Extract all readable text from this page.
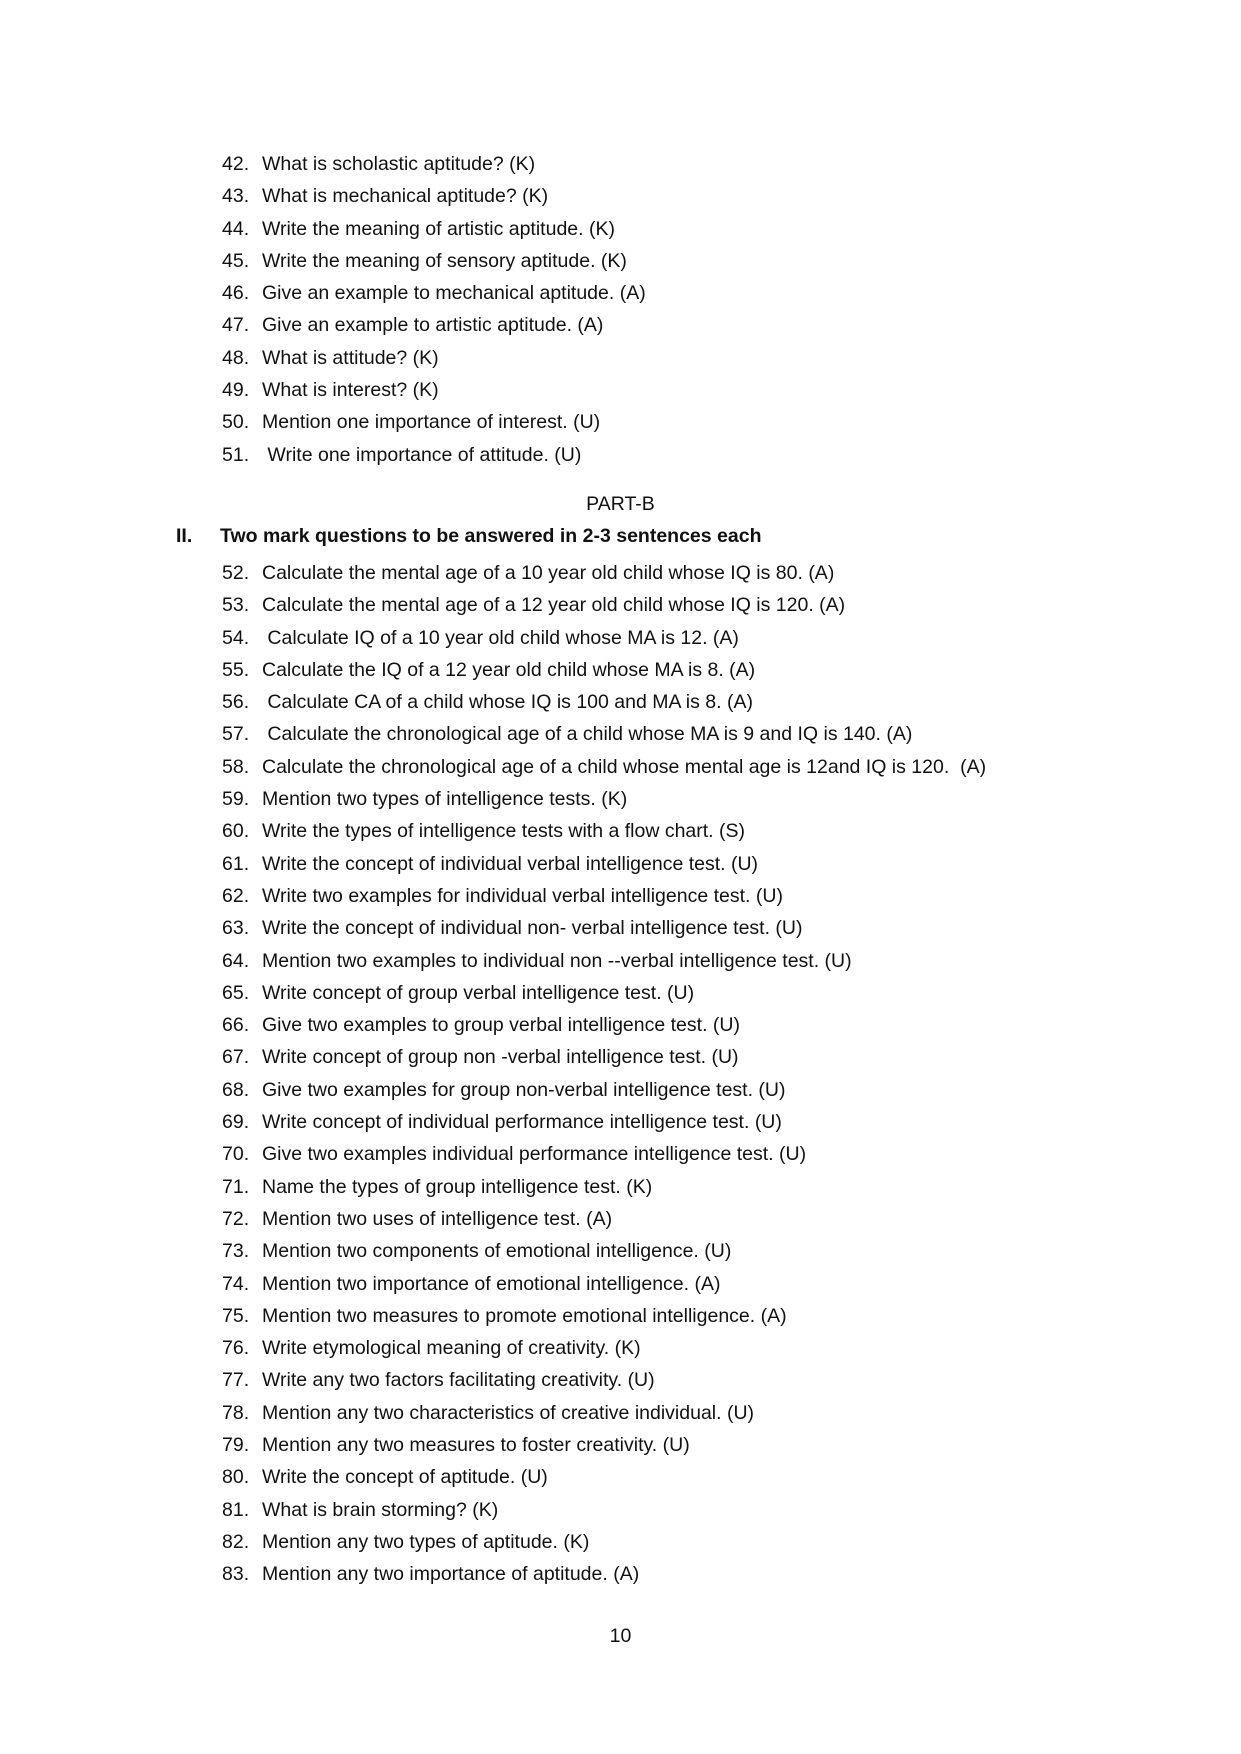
42. What is scholastic aptitude? (K)
43. What is mechanical aptitude? (K)
44. Write the meaning of artistic aptitude. (K)
45. Write the meaning of sensory aptitude. (K)
46. Give an example to mechanical aptitude. (A)
47. Give an example to artistic aptitude. (A)
48. What is attitude? (K)
49. What is interest? (K)
50. Mention one importance of interest. (U)
51. Write one importance of attitude. (U)
PART-B
II. Two mark questions to be answered in 2-3 sentences each
52. Calculate the mental age of a 10 year old child whose IQ is 80. (A)
53. Calculate the mental age of a 12 year old child whose IQ is 120. (A)
54. Calculate IQ of a 10 year old child whose MA is 12. (A)
55. Calculate the IQ of a 12 year old child whose MA is 8. (A)
56. Calculate CA of a child whose IQ is 100 and MA is 8. (A)
57. Calculate the chronological age of a child whose MA is 9 and IQ is 140. (A)
58. Calculate the chronological age of a child whose mental age is 12and IQ is 120.  (A)
59. Mention two types of intelligence tests. (K)
60. Write the types of intelligence tests with a flow chart. (S)
61. Write the concept of individual verbal intelligence test. (U)
62. Write two examples for individual verbal intelligence test. (U)
63. Write the concept of individual non- verbal intelligence test. (U)
64. Mention two examples to individual non --verbal intelligence test. (U)
65. Write concept of group verbal intelligence test. (U)
66. Give two examples to group verbal intelligence test. (U)
67. Write concept of group non -verbal intelligence test. (U)
68. Give two examples for group non-verbal intelligence test. (U)
69. Write concept of individual performance intelligence test. (U)
70. Give two examples individual performance intelligence test. (U)
71. Name the types of group intelligence test. (K)
72. Mention two uses of intelligence test. (A)
73. Mention two components of emotional intelligence. (U)
74. Mention two importance of emotional intelligence. (A)
75. Mention two measures to promote emotional intelligence. (A)
76. Write etymological meaning of creativity. (K)
77. Write any two factors facilitating creativity. (U)
78. Mention any two characteristics of creative individual. (U)
79. Mention any two measures to foster creativity. (U)
80. Write the concept of aptitude. (U)
81. What is brain storming? (K)
82. Mention any two types of aptitude. (K)
83. Mention any two importance of aptitude. (A)
10
